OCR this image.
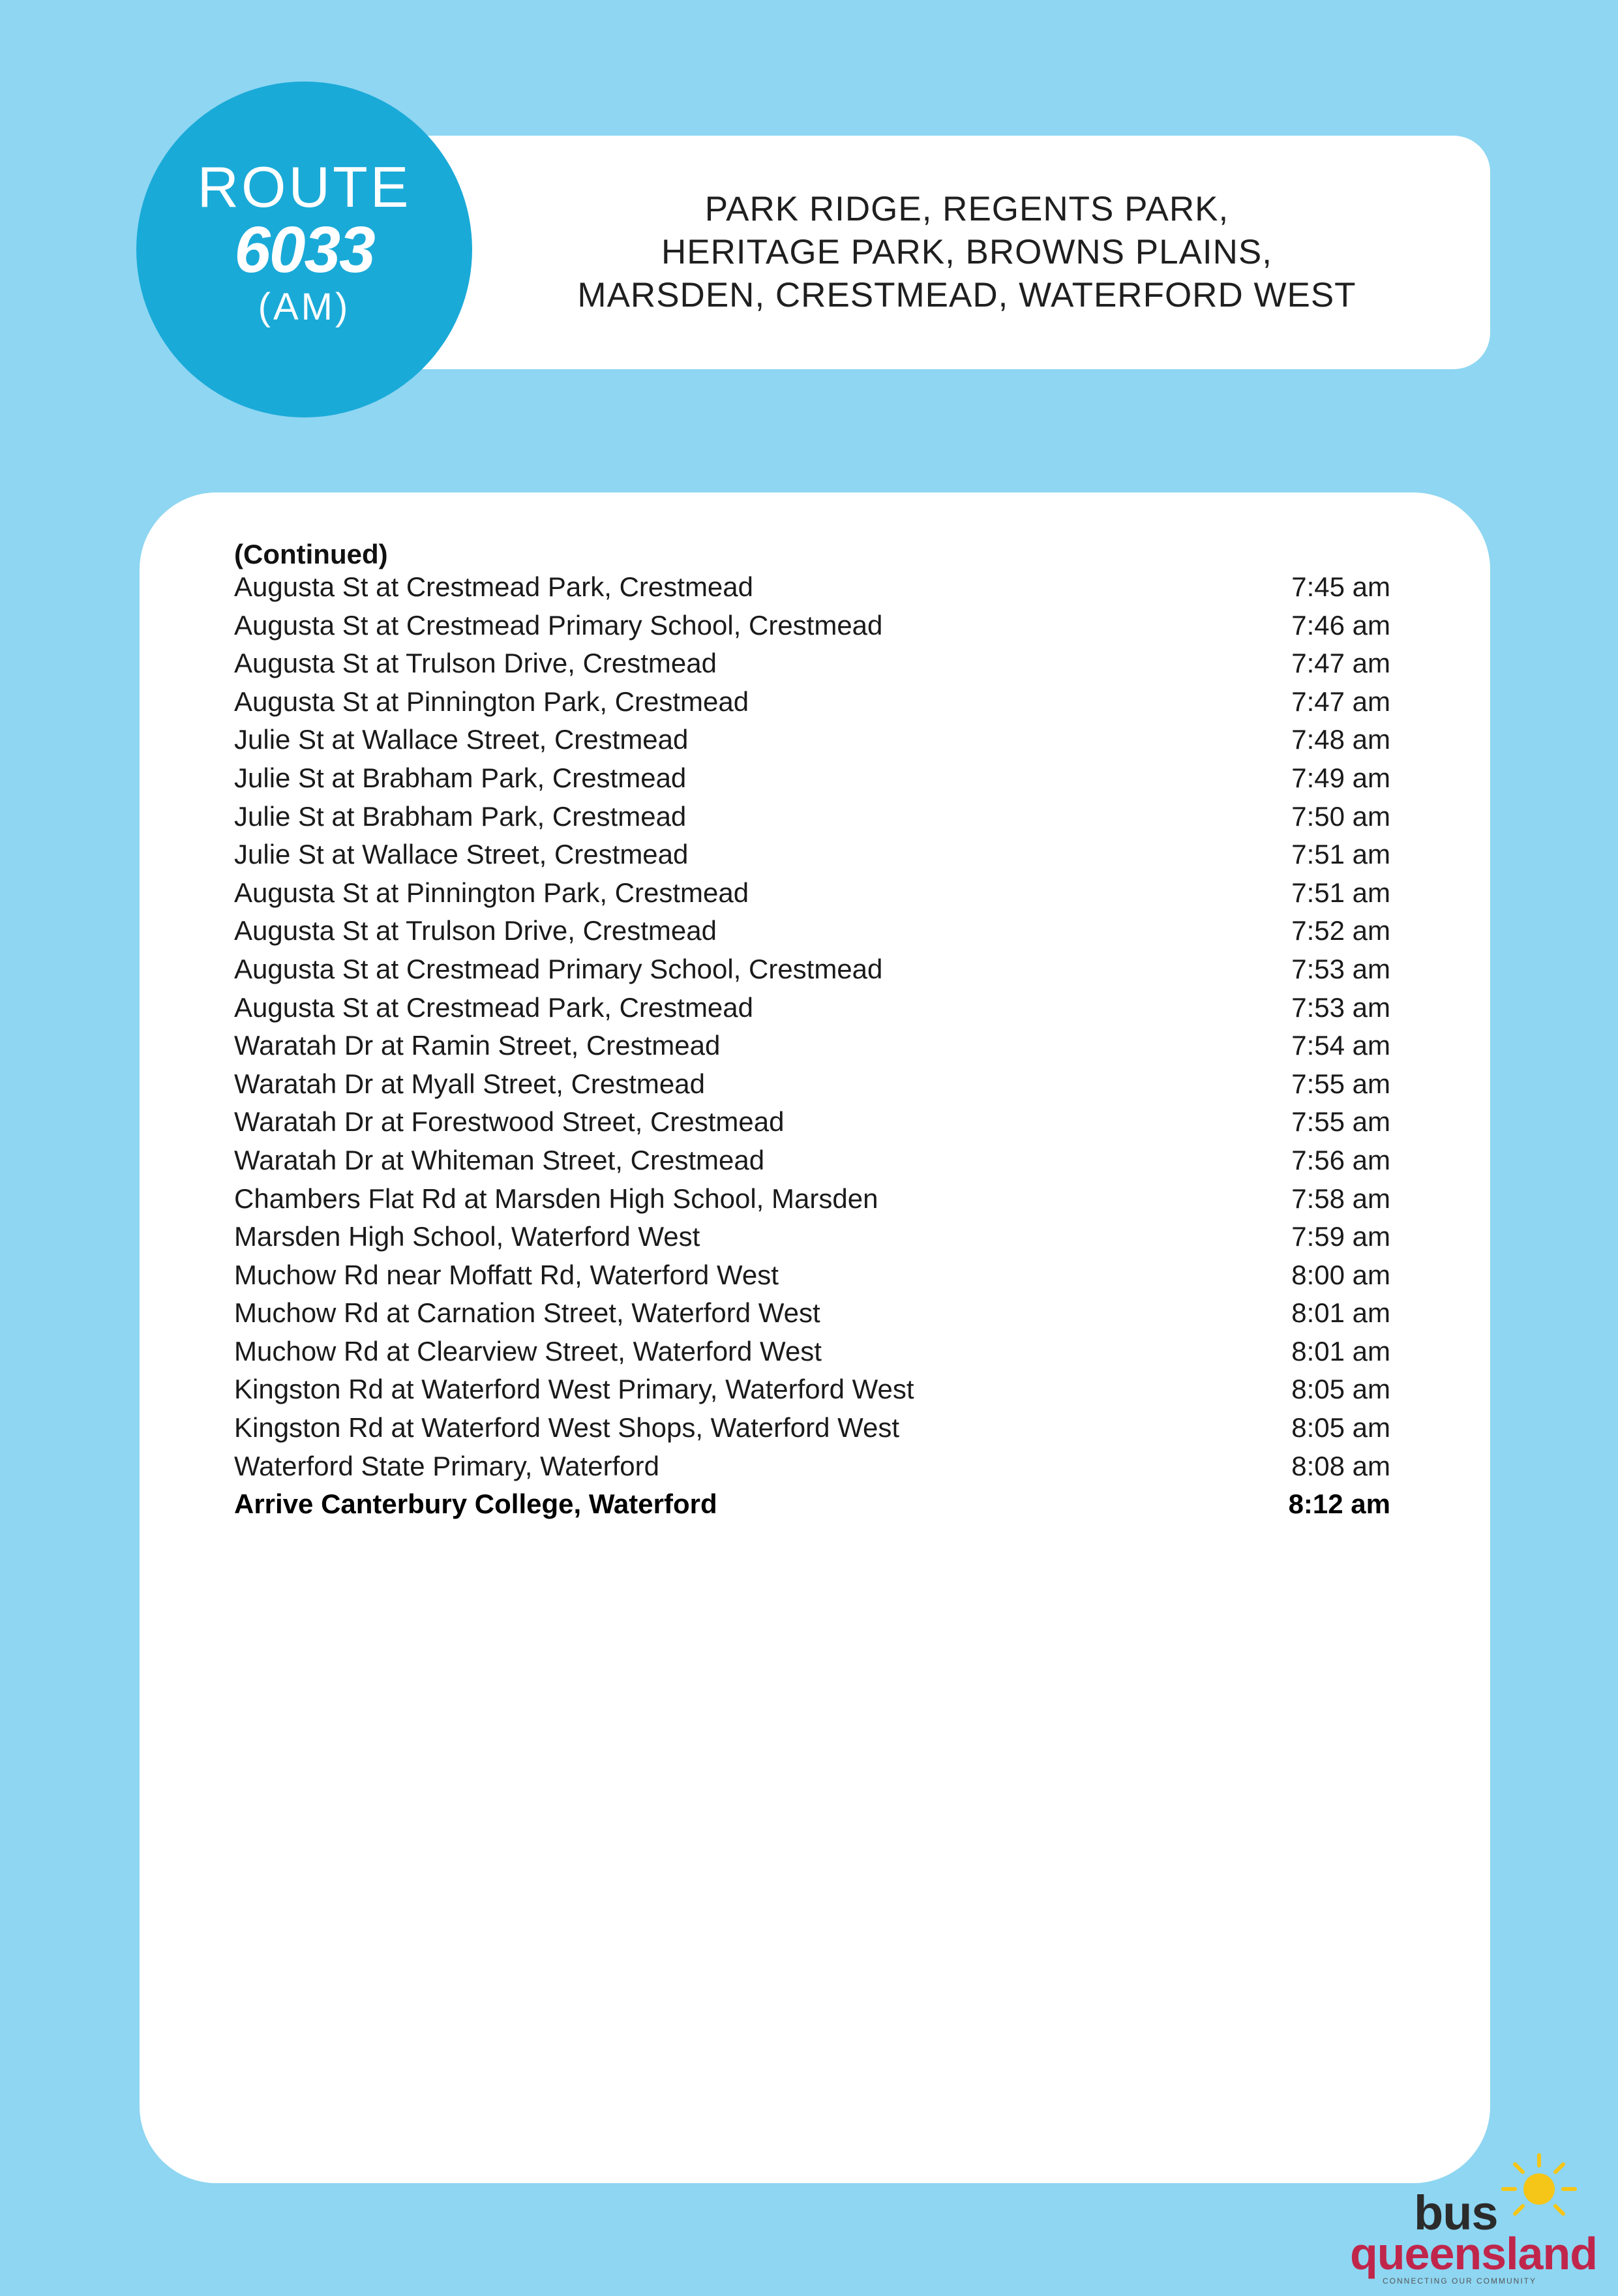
PARK RIDGE, REGENTS PARK,
HERITAGE PARK, BROWNS PLAINS,
MARSDEN, CRESTMEAD, WATERFORD WEST
ROUTE
6033
(AM)
(Continued)
Augusta St at Crestmead Park, Crestmead	7:45 am
Augusta St at Crestmead Primary School, Crestmead	7:46 am
Augusta St at Trulson Drive, Crestmead	7:47 am
Augusta St at Pinnington Park, Crestmead	7:47 am
Julie St at Wallace Street, Crestmead	7:48 am
Julie St at Brabham Park, Crestmead	7:49 am
Julie St at Brabham Park, Crestmead	7:50 am
Julie St at Wallace Street, Crestmead	7:51 am
Augusta St at Pinnington Park, Crestmead	7:51 am
Augusta St at Trulson Drive, Crestmead	7:52 am
Augusta St at Crestmead Primary School, Crestmead	7:53 am
Augusta St at Crestmead Park, Crestmead	7:53 am
Waratah Dr at Ramin Street, Crestmead	7:54 am
Waratah Dr at Myall Street, Crestmead	7:55 am
Waratah Dr at Forestwood Street, Crestmead	7:55 am
Waratah Dr at Whiteman Street, Crestmead	7:56 am
Chambers Flat Rd at Marsden High School, Marsden	7:58 am
Marsden High School, Waterford West	7:59 am
Muchow Rd near Moffatt Rd, Waterford West	8:00 am
Muchow Rd at Carnation Street, Waterford West	8:01 am
Muchow Rd at Clearview Street, Waterford West	8:01 am
Kingston Rd at Waterford West Primary, Waterford West	8:05 am
Kingston Rd at Waterford West Shops, Waterford West	8:05 am
Waterford State Primary, Waterford	8:08 am
Arrive Canterbury College, Waterford	8:12 am
bus
queensland
CONNECTING OUR COMMUNITY
